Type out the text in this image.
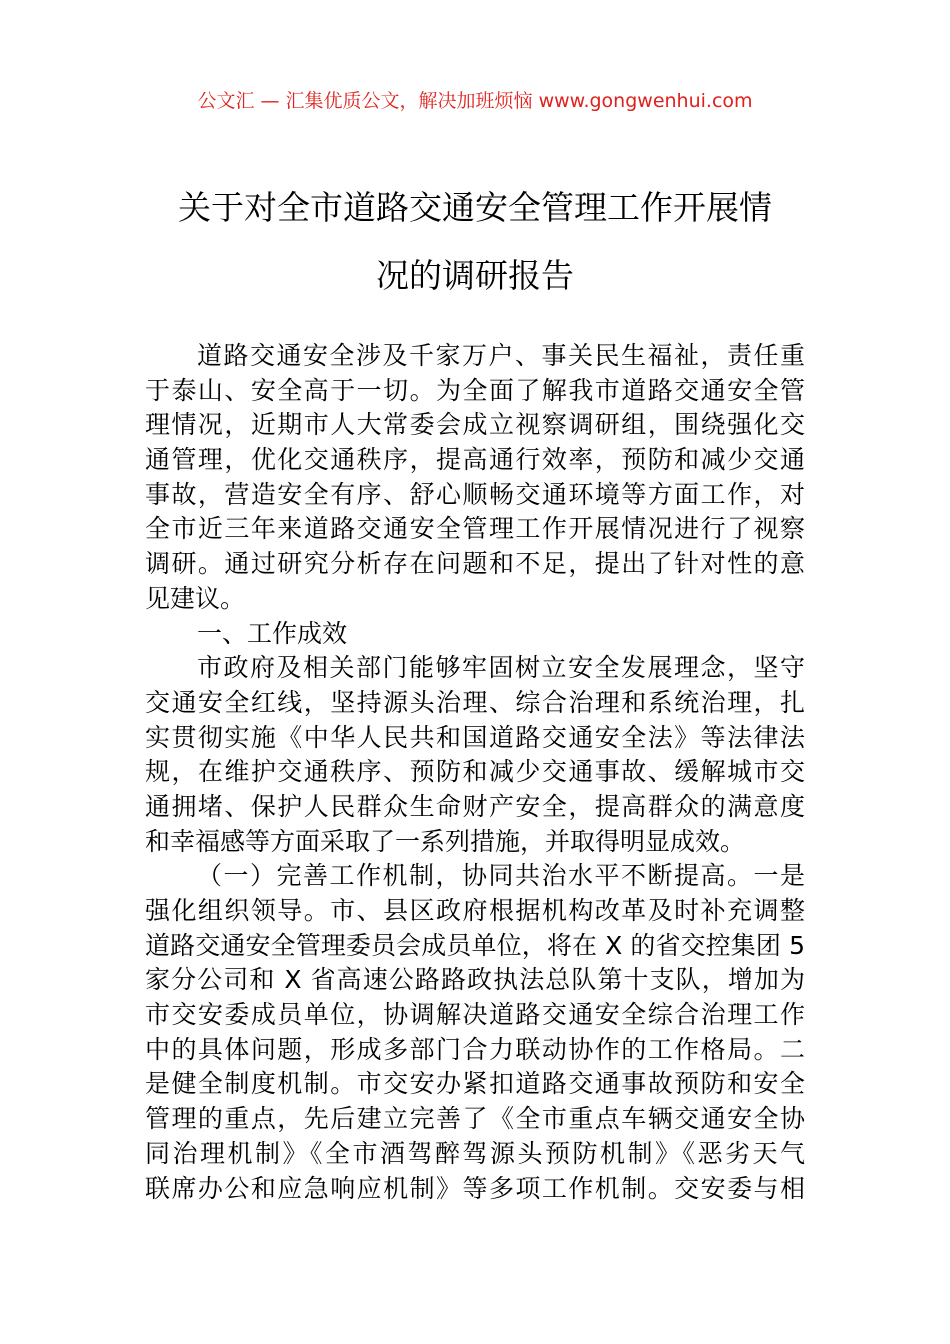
公文汇 — 汇集优质公文，解决加班烦恼 www.gongwenhui.com
关于对全市道路交通安全管理工作开展情
况的调研报告
道路交通安全涉及千家万户、事关民生福祉，责任重
于泰山、安全高于一切。为全面了解我市道路交通安全管
理情况，近期市人大常委会成立视察调研组，围绕强化交
通管理，优化交通秩序，提高通行效率，预防和减少交通
事故，营造安全有序、舒心顺畅交通环境等方面工作，对
全市近三年来道路交通安全管理工作开展情况进行了视察
调研。通过研究分析存在问题和不足，提出了针对性的意
见建议。
一、工作成效
市政府及相关部门能够牢固树立安全发展理念，坚守
交通安全红线，坚持源头治理、综合治理和系统治理，扎
实贯彻实施《中华人民共和国道路交通安全法》等法律法
规，在维护交通秩序、预防和减少交通事故、缓解城市交
通拥堵、保护人民群众生命财产安全，提高群众的满意度
和幸福感等方面采取了一系列措施，并取得明显成效。
（一）完善工作机制，协同共治水平不断提高。一是
强化组织领导。市、县区政府根据机构改革及时补充调整
道路交通安全管理委员会成员单位，将在 X 的省交控集团 5
家分公司和 X 省高速公路路政执法总队第十支队，增加为
市交安委成员单位，协调解决道路交通安全综合治理工作
中的具体问题，形成多部门合力联动协作的工作格局。二
是健全制度机制。市交安办紧扣道路交通事故预防和安全
管理的重点，先后建立完善了《全市重点车辆交通安全协
同治理机制》《全市酒驾醉驾源头预防机制》《恶劣天气
联席办公和应急响应机制》等多项工作机制。交安委与相
